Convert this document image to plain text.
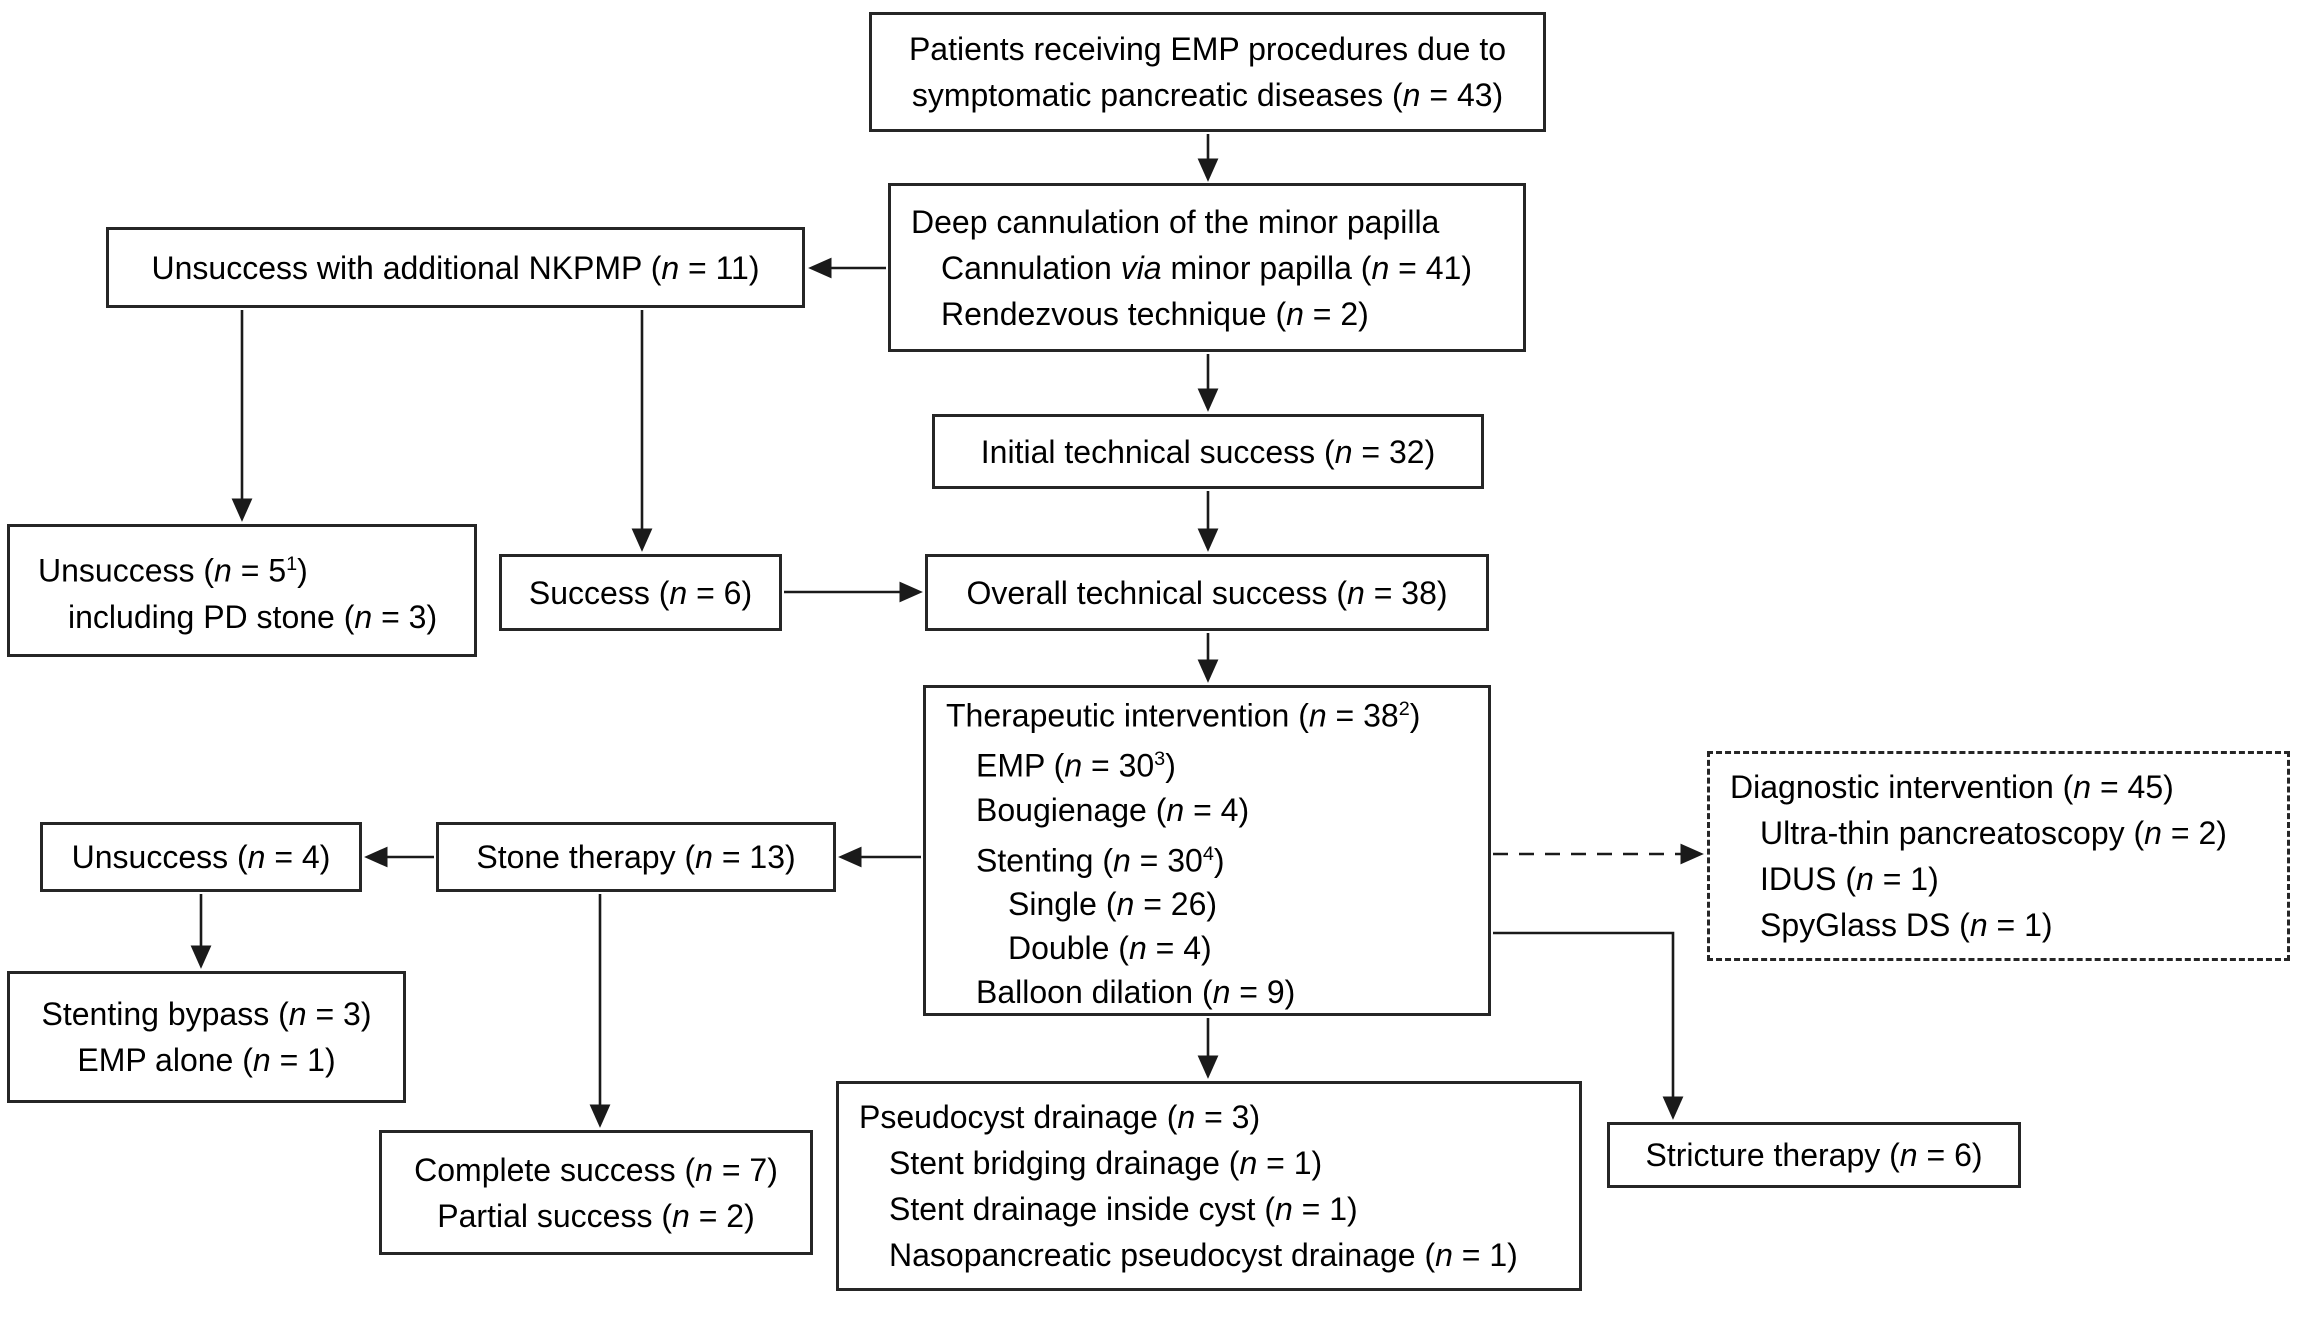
Patients receiving EMP procedures due to
symptomatic pancreatic diseases (n = 43)
Deep cannulation of the minor papilla
Cannulation via minor papilla (n = 41)
Rendezvous technique (n = 2)
Unsuccess with additional NKPMP (n = 11)
Initial technical success (n = 32)
Unsuccess $(n = 5^1)$
including PD stone (n = 3)
Success (n = 6)	Overall technical success (n = 38)
Therapeutic intervention $(n = 38^2)$
EMP $(n = 30^3)$
Bougienage (n = 4)
Stenting $(n = 30^4)$
Single (n = 26)
Double (n = 4)
Balloon dilation (n = 9)
Diagnostic intervention (n = 45)
Ultra-thin pancreatoscopy (n = 2)
IDUS (n = 1)
SpyGlass DS (n = 1)
Unsuccess (n = 4)	Stone therapy (n = 13)
Stenting bypass (n = 3)
EMP alone (n = 1)
Complete success (n = 7)
Partial success (n = 2)
Pseudocyst drainage (n = 3)
Stent bridging drainage (n = 1)
Stent drainage inside cyst (n = 1)
Nasopancreatic pseudocyst drainage (n = 1)
Stricture therapy (n = 6)
